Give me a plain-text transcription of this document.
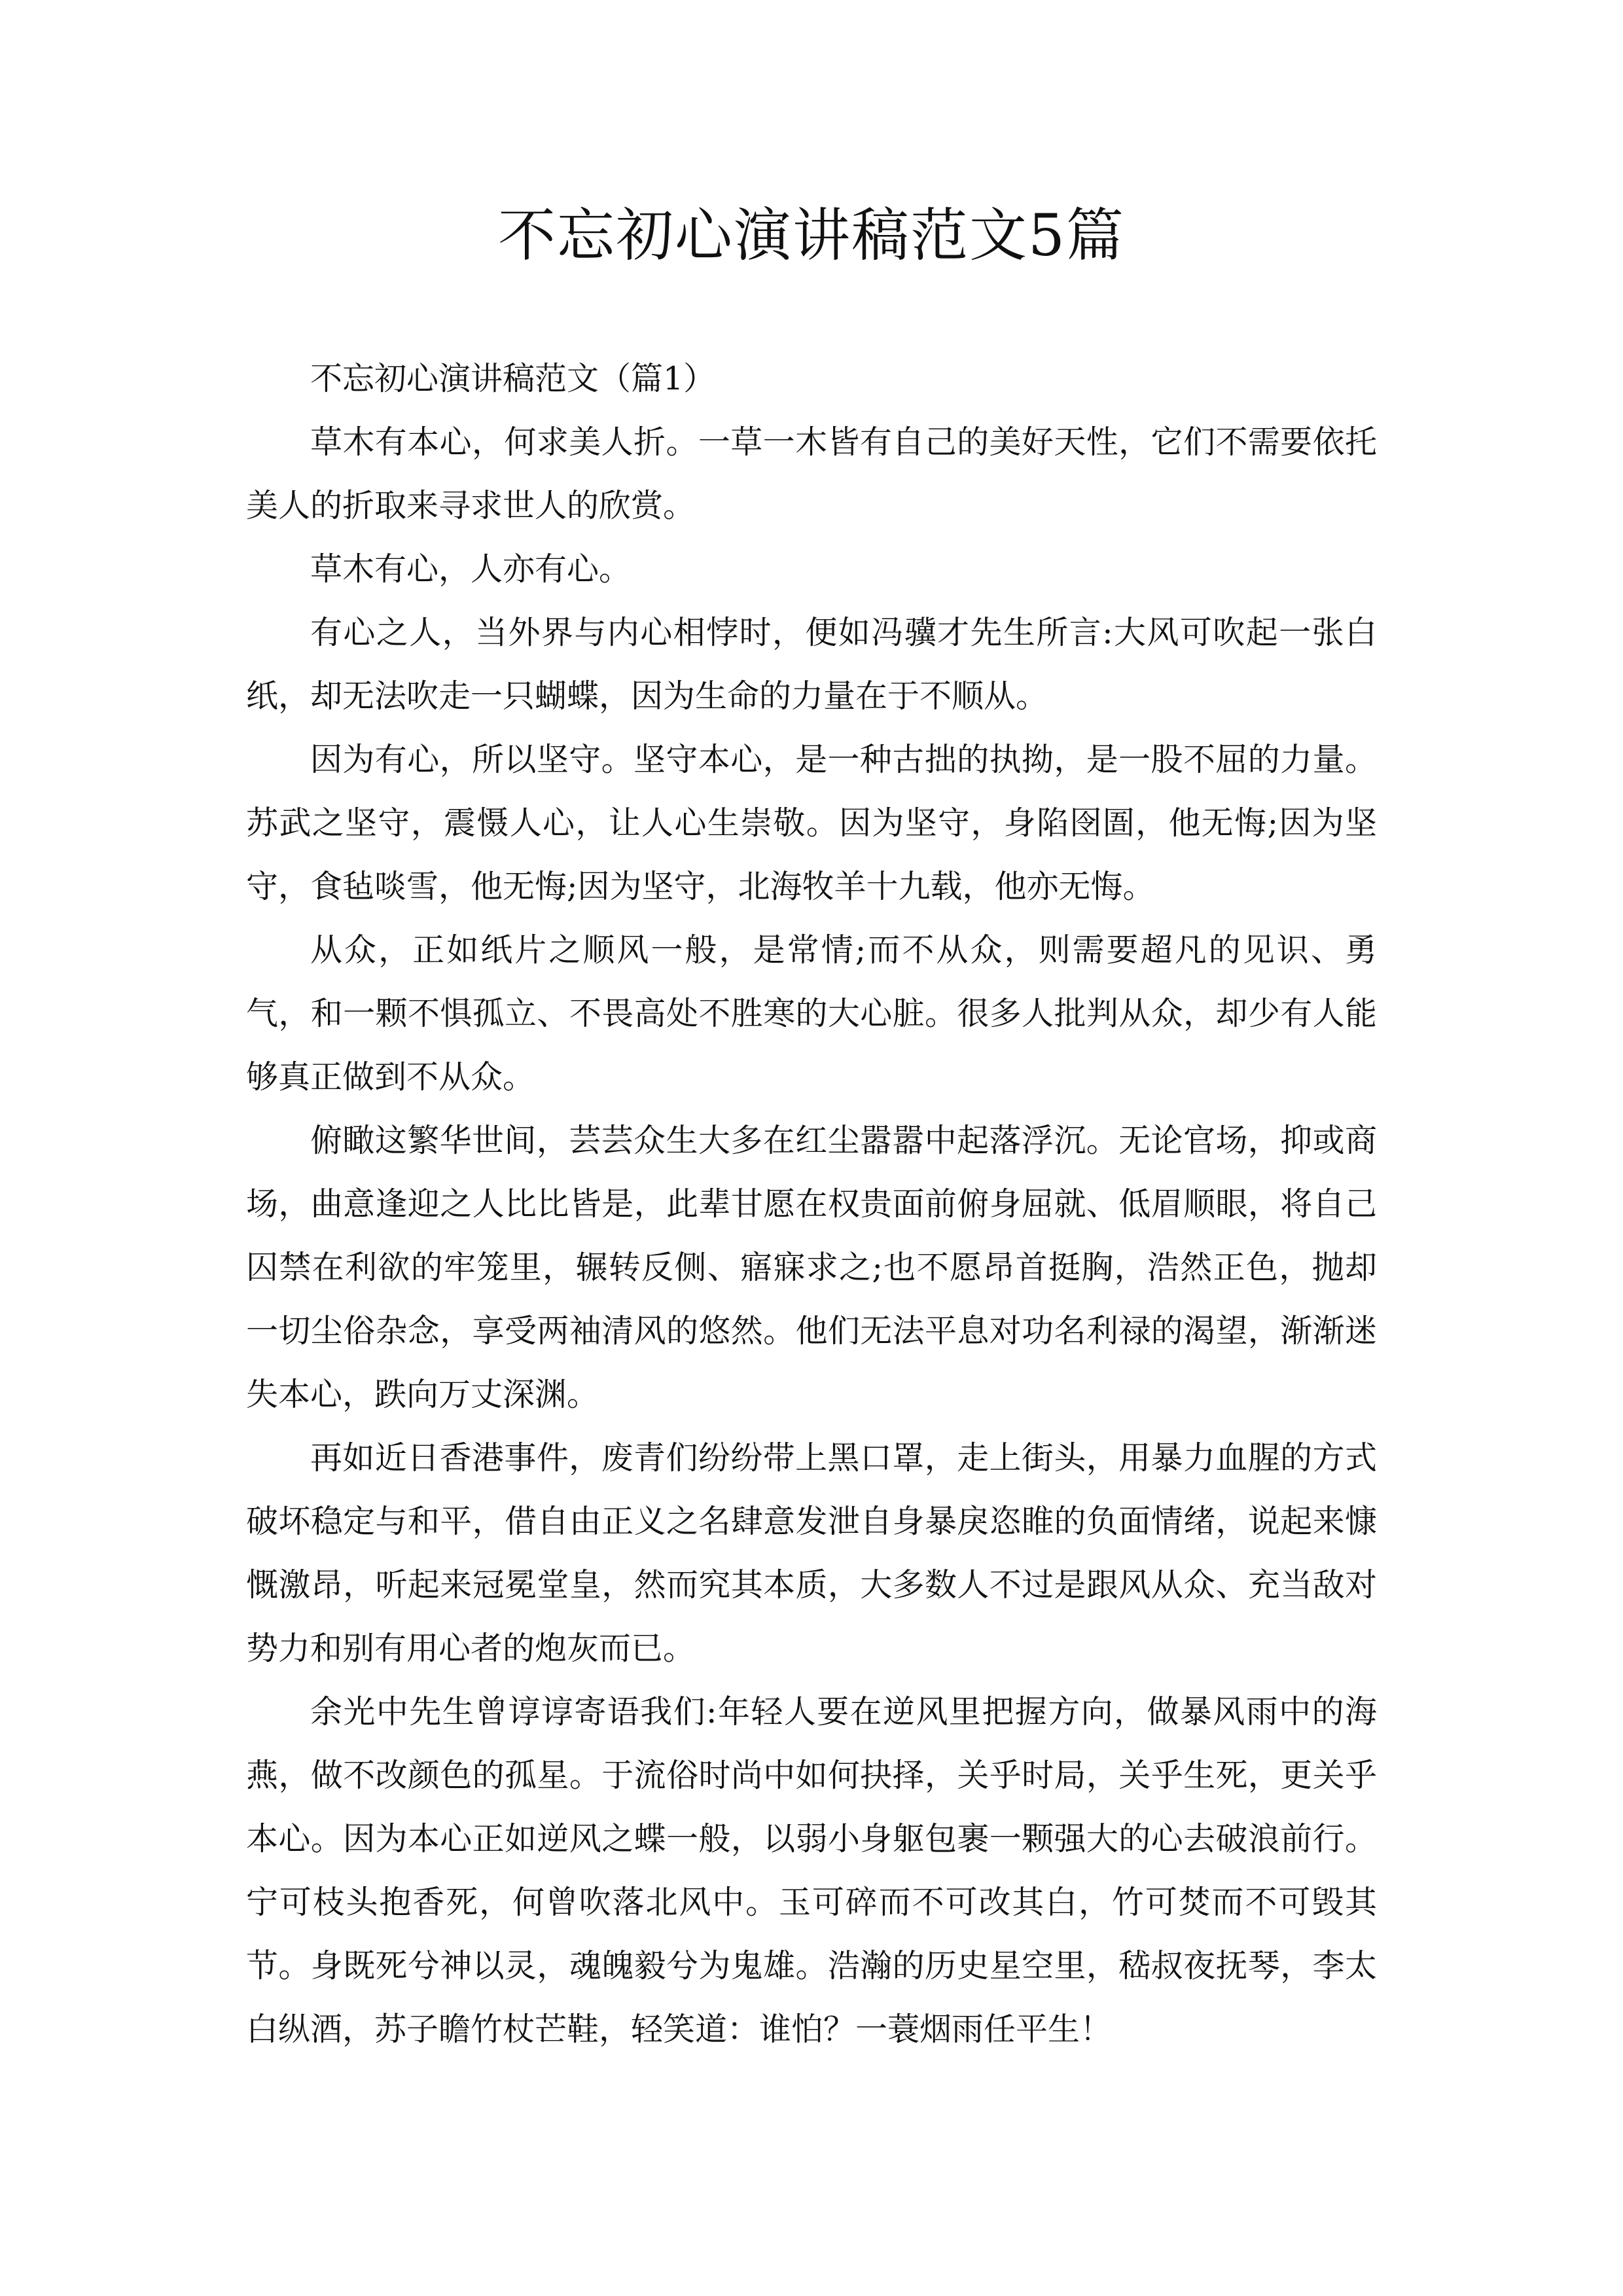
不忘初心演讲稿范文5篇

不忘初心演讲稿范文（篇1）

草木有本心，何求美人折。一草一木皆有自己的美好天性，它们不需要依托美人的折取来寻求世人的欣赏。

草木有心，人亦有心。

有心之人，当外界与内心相悖时，便如冯骥才先生所言:大风可吹起一张白纸，却无法吹走一只蝴蝶，因为生命的力量在于不顺从。

因为有心，所以坚守。坚守本心，是一种古拙的执拗，是一股不屈的力量。苏武之坚守，震慑人心，让人心生崇敬。因为坚守，身陷囹圄，他无悔;因为坚守，食毡啖雪，他无悔;因为坚守，北海牧羊十九载，他亦无悔。

从众，正如纸片之顺风一般，是常情;而不从众，则需要超凡的见识、勇气，和一颗不惧孤立、不畏高处不胜寒的大心脏。很多人批判从众，却少有人能够真正做到不从众。

俯瞰这繁华世间，芸芸众生大多在红尘嚣嚣中起落浮沉。无论官场，抑或商场，曲意逢迎之人比比皆是，此辈甘愿在权贵面前俯身屈就、低眉顺眼，将自己囚禁在利欲的牢笼里，辗转反侧、寤寐求之;也不愿昂首挺胸，浩然正色，抛却一切尘俗杂念，享受两袖清风的悠然。他们无法平息对功名利禄的渴望，渐渐迷失本心，跌向万丈深渊。

再如近日香港事件，废青们纷纷带上黑口罩，走上街头，用暴力血腥的方式破坏稳定与和平，借自由正义之名肆意发泄自身暴戾恣睢的负面情绪，说起来慷慨激昂，听起来冠冕堂皇，然而究其本质，大多数人不过是跟风从众、充当敌对势力和别有用心者的炮灰而已。

余光中先生曾谆谆寄语我们:年轻人要在逆风里把握方向，做暴风雨中的海燕，做不改颜色的孤星。于流俗时尚中如何抉择，关乎时局，关乎生死，更关乎本心。因为本心正如逆风之蝶一般，以弱小身躯包裹一颗强大的心去破浪前行。宁可枝头抱香死，何曾吹落北风中。玉可碎而不可改其白，竹可焚而不可毁其节。身既死兮神以灵，魂魄毅兮为鬼雄。浩瀚的历史星空里，嵇叔夜抚琴，李太白纵酒，苏子瞻竹杖芒鞋，轻笑道：谁怕？一蓑烟雨任平生！
